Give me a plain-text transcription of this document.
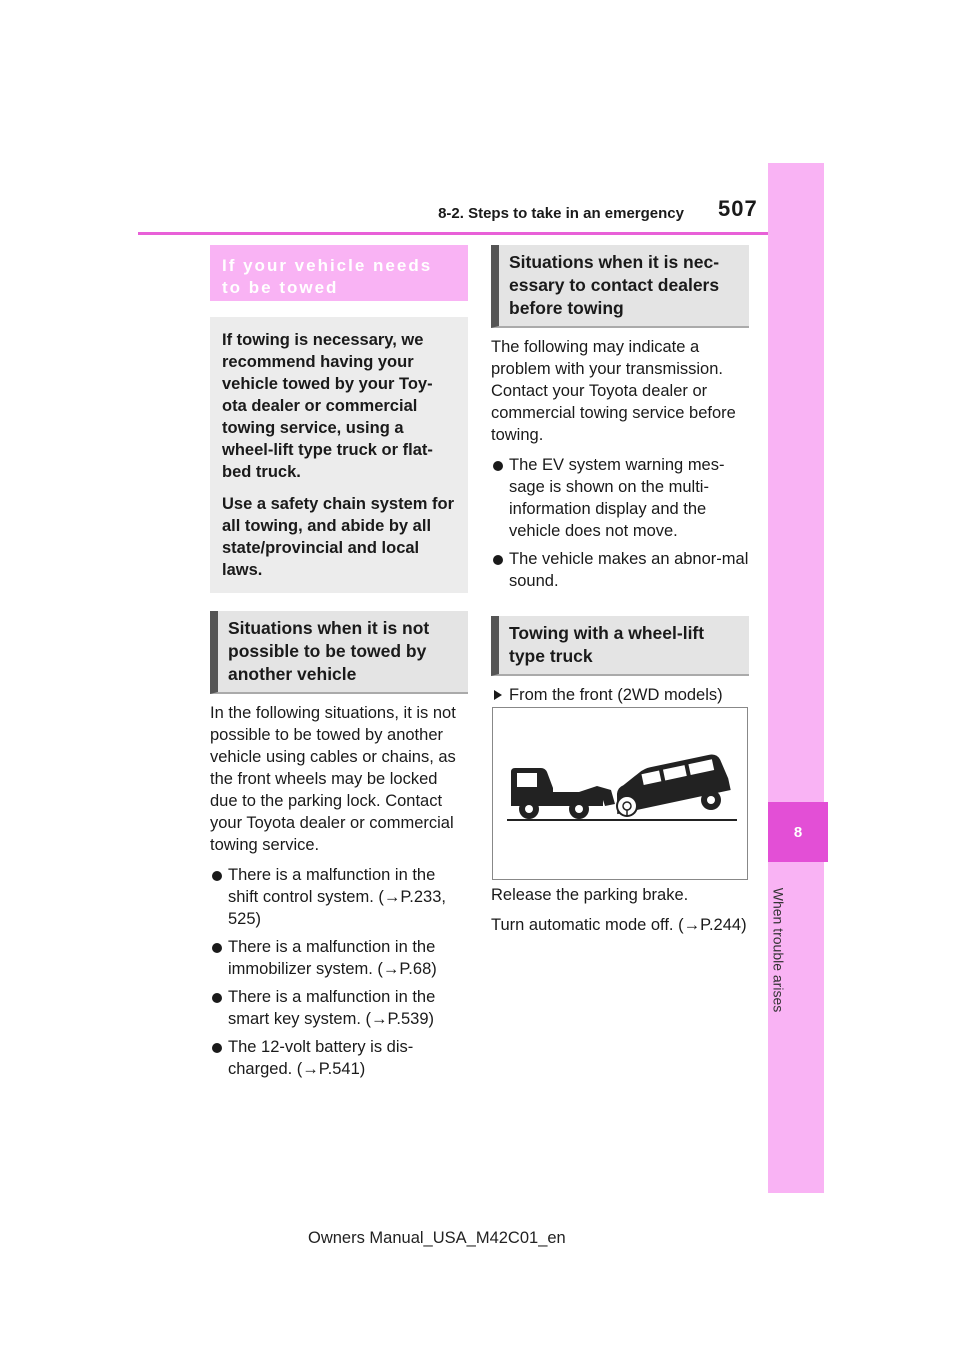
8-2. Steps to take in an emergency 507
8
When trouble arises
If your vehicle needs to be towed

If towing is necessary, we recommend having your vehicle towed by your Toy-ota dealer or commercial towing service, using a wheel-lift type truck or flat-bed truck.

Use a safety chain system for all towing, and abide by all state/provincial and local laws.

Situations when it is not possible to be towed by another vehicle

In the following situations, it is not possible to be towed by another vehicle using cables or chains, as the front wheels may be locked due to the parking lock. Contact your Toyota dealer or commercial towing service.

There is a malfunction in the shift control system. (→P.233, 525)

There is a malfunction in the immobilizer system. (→P.68)

There is a malfunction in the smart key system. (→P.539)

The 12-volt battery is dis-charged. (→P.541)

Situations when it is nec-essary to contact dealers before towing

The following may indicate a problem with your transmission. Contact your Toyota dealer or commercial towing service before towing.

The EV system warning mes-sage is shown on the multi-information display and the vehicle does not move.

The vehicle makes an abnor-mal sound.

Towing with a wheel-lift type truck

From the front (2WD models)

Release the parking brake.

Turn automatic mode off. (→P.244)

Owners Manual_USA_M42C01_en
